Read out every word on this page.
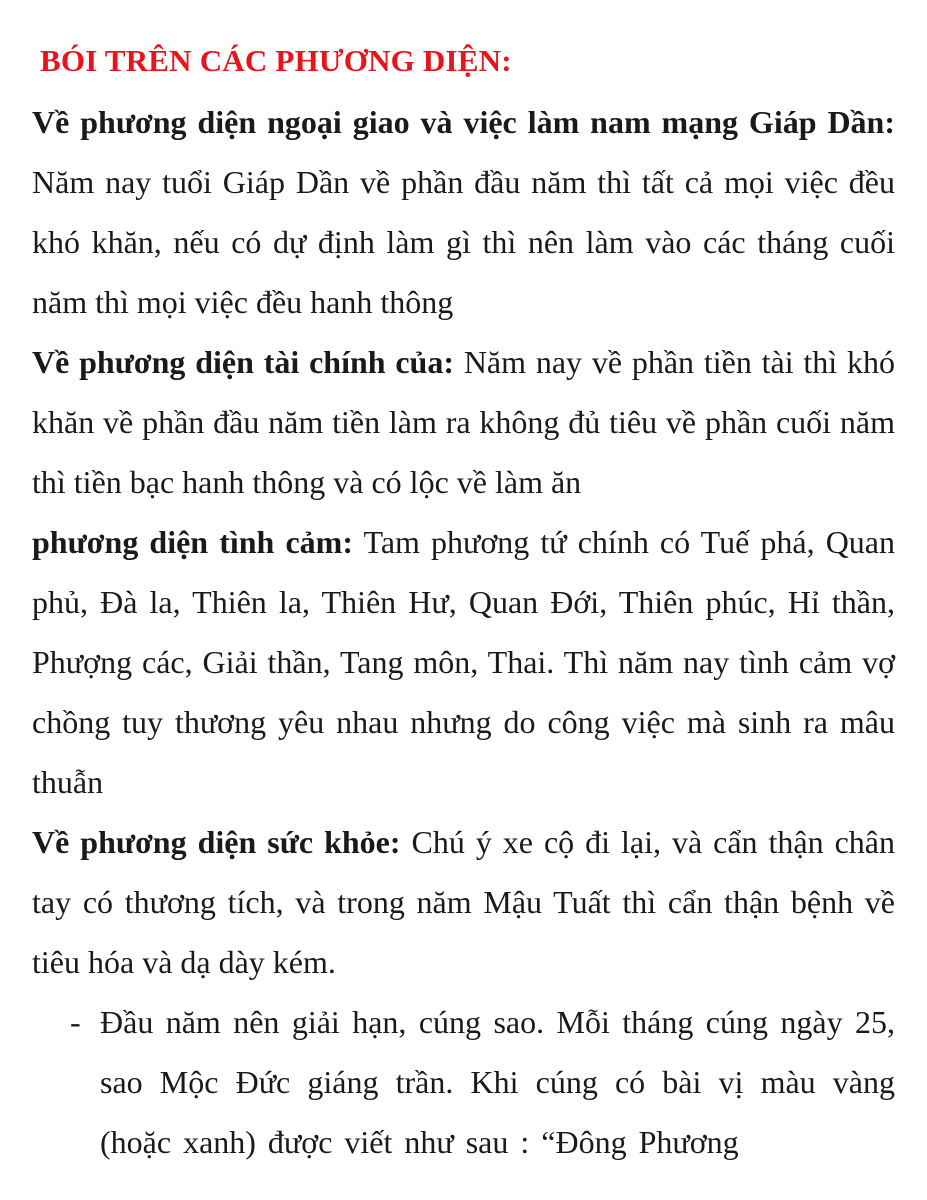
BÓI TRÊN CÁC PHƯƠNG DIỆN:

Về phương diện ngoại giao và việc làm nam mạng Giáp Dần: Năm nay tuổi Giáp Dần về phần đầu năm thì tất cả mọi việc đều khó khăn, nếu có dự định làm gì thì nên làm vào các tháng cuối năm thì mọi việc đều hanh thông

Về phương diện tài chính của: Năm nay về phần tiền tài thì khó khăn về phần đầu năm tiền làm ra không đủ tiêu về phần cuối năm thì tiền bạc hanh thông và có lộc về làm ăn

phương diện tình cảm: Tam phương tứ chính có Tuế phá, Quan phủ, Đà la, Thiên la, Thiên Hư, Quan Đới, Thiên phúc, Hỉ thần, Phượng các, Giải thần, Tang môn, Thai. Thì năm nay tình cảm vợ chồng tuy thương yêu nhau nhưng do công việc mà sinh ra mâu thuẫn

Về phương diện sức khỏe: Chú ý xe cộ đi lại, và cẩn thận chân tay có thương tích, và trong năm Mậu Tuất thì cẩn thận bệnh về tiêu hóa và dạ dày kém.

- Đầu năm nên giải hạn, cúng sao. Mỗi tháng cúng ngày 25, sao Mộc Đức giáng trần. Khi cúng có bài vị màu vàng (hoặc xanh) được viết như sau : “Đông Phương
